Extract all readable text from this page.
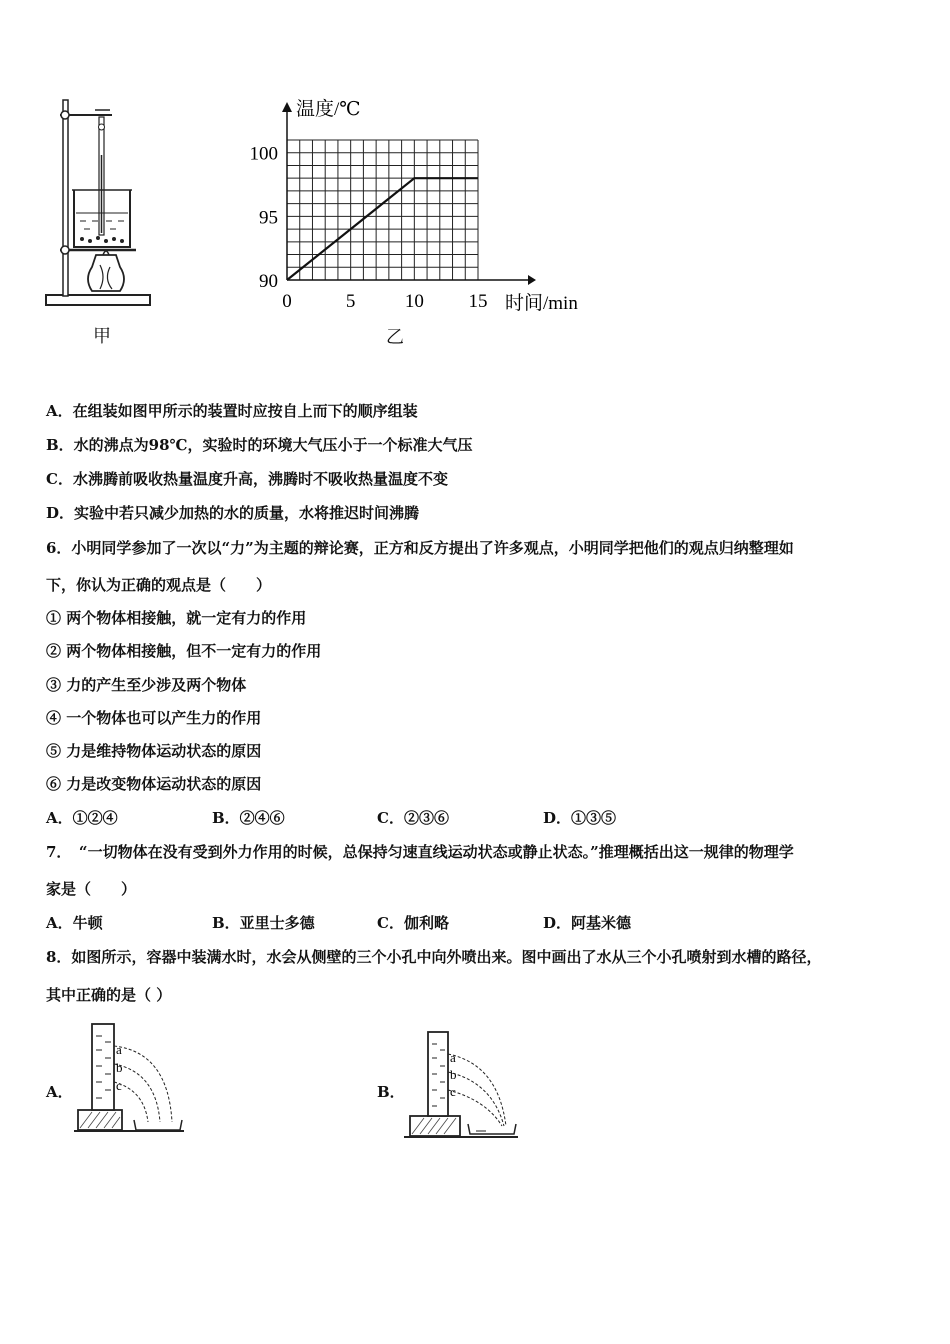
甲
温度/℃
时间/min
0	5	10 15
90
95
100
乙
A．在组装如图甲所示的装置时应按自上而下的顺序组装
B．水的沸点为98℃，实验时的环境大气压小于一个标准大气压
C．水沸腾前吸收热量温度升高，沸腾时不吸收热量温度不变
D．实验中若只减少加热的水的质量，水将推迟时间沸腾
6．小明同学参加了一次以“力”为主题的辩论赛，正方和反方提出了许多观点，小明同学把他们的观点归纳整理如
下，你认为正确的观点是（　　）
① 两个物体相接触，就一定有力的作用
② 两个物体相接触，但不一定有力的作用
③ 力的产生至少涉及两个物体
④ 一个物体也可以产生力的作用
⑤ 力是维持物体运动状态的原因
⑥ 力是改变物体运动状态的原因
A．①②④	B．②④⑥	C．②③⑥	D．①③⑤
7．　“一切物体在没有受到外力作用的时候，总保持匀速直线运动状态或静止状态。”推理概括出这一规律的物理学
家是（　　）
A．牛顿	B．亚里士多德	C．伽利略	D．阿基米德
8．如图所示，容器中装满水时，水会从侧壁的三个小孔中向外喷出来。图中画出了水从三个小孔喷射到水槽的路径，
其中正确的是（ ）
A．
a
b
c	B．
a
b
c
